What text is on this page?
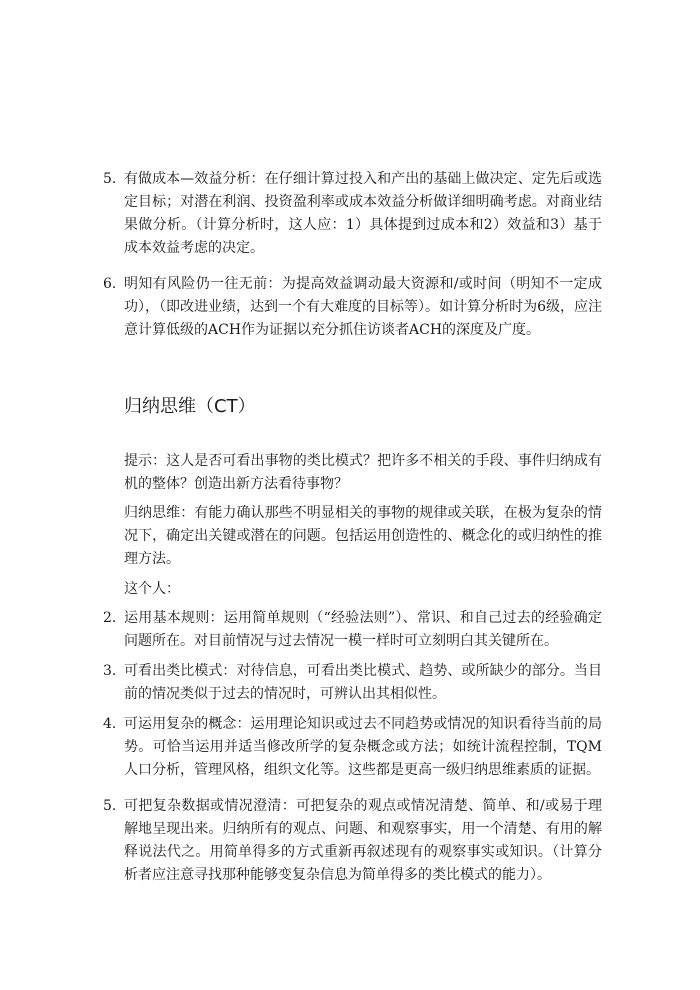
5. 有做成本—效益分析：在仔细计算过投入和产出的基础上做决定、定先后或选定目标；对潜在利润、投资盈利率或成本效益分析做详细明确考虑。对商业结果做分析。（计算分析时，这人应：1）具体提到过成本和2）效益和3）基于成本效益考虑的决定。
6. 明知有风险仍一往无前：为提高效益调动最大资源和/或时间（明知不一定成功），（即改进业绩，达到一个有大难度的目标等）。如计算分析时为6级，应注意计算低级的ACH作为证据以充分抓住访谈者ACH的深度及广度。
归纳思维（CT）
提示：这人是否可看出事物的类比模式？把许多不相关的手段、事件归纳成有机的整体？创造出新方法看待事物？
归纳思维：有能力确认那些不明显相关的事物的规律或关联，在极为复杂的情况下，确定出关键或潜在的问题。包括运用创造性的、概念化的或归纳性的推理方法。
这个人：
2. 运用基本规则：运用简单规则（“经验法则”）、常识、和自己过去的经验确定问题所在。对目前情况与过去情况一模一样时可立刻明白其关键所在。
3. 可看出类比模式：对待信息，可看出类比模式、趋势、或所缺少的部分。当目前的情况类似于过去的情况时，可辨认出其相似性。
4. 可运用复杂的概念：运用理论知识或过去不同趋势或情况的知识看待当前的局势。可恰当运用并适当修改所学的复杂概念或方法；如统计流程控制，TQM人口分析，管理风格，组织文化等。这些都是更高一级归纳思维素质的证据。
5. 可把复杂数据或情况澄清：可把复杂的观点或情况清楚、简单、和/或易于理解地呈现出来。归纳所有的观点、问题、和观察事实，用一个清楚、有用的解释说法代之。用简单得多的方式重新再叙述现有的观察事实或知识。（计算分析者应注意寻找那种能够变复杂信息为简单得多的类比模式的能力）。
